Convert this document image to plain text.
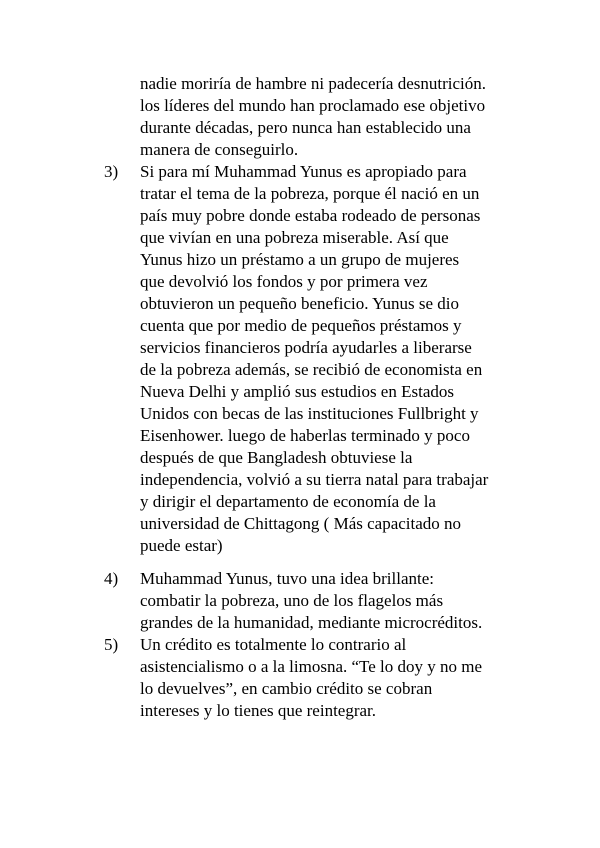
nadie moriría de hambre ni padecería desnutrición.
los líderes del mundo han proclamado ese objetivo
durante décadas, pero nunca han establecido una
manera de conseguirlo.
3) Si para mí Muhammad Yunus es apropiado para
tratar el tema de la pobreza, porque él nació en un
país muy pobre donde estaba rodeado de personas
que vivían en una pobreza miserable. Así que
Yunus hizo un préstamo a un grupo de mujeres
que devolvió los fondos y por primera vez
obtuvieron un pequeño beneficio. Yunus se dio
cuenta que por medio de pequeños préstamos y
servicios financieros podría ayudarles a liberarse
de la pobreza además, se recibió de economista en
Nueva Delhi y amplió sus estudios en Estados
Unidos con becas de las instituciones Fullbright y
Eisenhower. luego de haberlas terminado y poco
después de que Bangladesh obtuviese la
independencia, volvió a su tierra natal para trabajar
y dirigir el departamento de economía de la
universidad de Chittagong ( Más capacitado no
puede estar)
4) Muhammad Yunus, tuvo una idea brillante:
combatir la pobreza, uno de los flagelos más
grandes de la humanidad, mediante microcréditos.
5) Un crédito es totalmente lo contrario al
asistencialismo o a la limosna. “Te lo doy y no me
lo devuelves”, en cambio crédito se cobran
intereses y lo tienes que reintegrar.
